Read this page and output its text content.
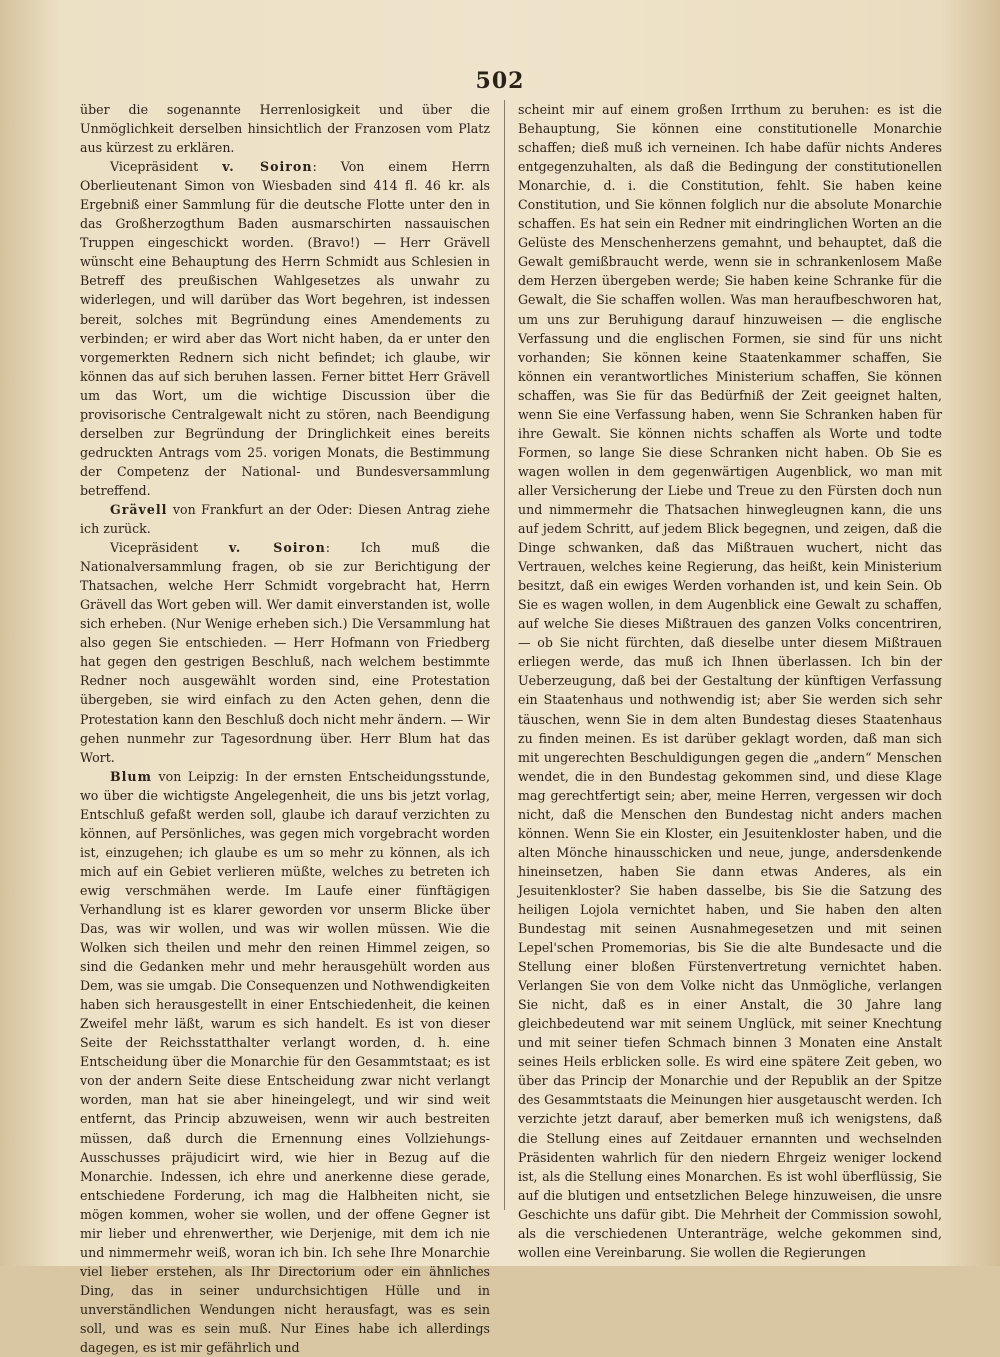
502

über die sogenannte Herrenlosigkeit und über die Unmöglichkeit derselben hinsichtlich der Franzosen vom Platz aus kürzest zu erklären.

Vicepräsident v. Soiron: Von einem Herrn Oberlieutenant Simon von Wiesbaden sind 414 fl. 46 kr. als Ergebniß einer Sammlung für die deutsche Flotte unter den in das Großherzogthum Baden ausmarschirten nassauischen Truppen eingeschickt worden. (Bravo!) — Herr Grävell wünscht eine Behauptung des Herrn Schmidt aus Schlesien in Betreff des preußischen Wahlgesetzes als unwahr zu widerlegen, und will darüber das Wort begehren, ist indessen bereit, solches mit Begründung eines Amendements zu verbinden; er wird aber das Wort nicht haben, da er unter den vorgemerkten Rednern sich nicht befindet; ich glaube, wir können das auf sich beruhen lassen. Ferner bittet Herr Grävell um das Wort, um die wichtige Discussion über die provisorische Centralgewalt nicht zu stören, nach Beendigung derselben zur Begründung der Dringlichkeit eines bereits gedruckten Antrags vom 25. vorigen Monats, die Bestimmung der Competenz der National- und Bundesversammlung betreffend.

Grävell von Frankfurt an der Oder: Diesen Antrag ziehe ich zurück.

Vicepräsident v. Soiron: Ich muß die Nationalversammlung fragen, ob sie zur Berichtigung der Thatsachen, welche Herr Schmidt vorgebracht hat, Herrn Grävell das Wort geben will. Wer damit einverstanden ist, wolle sich erheben. (Nur Wenige erheben sich.) Die Versammlung hat also gegen Sie entschieden. — Herr Hofmann von Friedberg hat gegen den gestrigen Beschluß, nach welchem bestimmte Redner noch ausgewählt worden sind, eine Protestation übergeben, sie wird einfach zu den Acten gehen, denn die Protestation kann den Beschluß doch nicht mehr ändern. — Wir gehen nunmehr zur Tagesordnung über. Herr Blum hat das Wort.

Blum von Leipzig: In der ernsten Entscheidungsstunde, wo über die wichtigste Angelegenheit, die uns bis jetzt vorlag, Entschluß gefaßt werden soll, glaube ich darauf verzichten zu können, auf Persönliches, was gegen mich vorgebracht worden ist, einzugehen; ich glaube es um so mehr zu können, als ich mich auf ein Gebiet verlieren müßte, welches zu betreten ich ewig verschmähen werde. Im Laufe einer fünftägigen Verhandlung ist es klarer geworden vor unserm Blicke über Das, was wir wollen, und was wir wollen müssen. Wie die Wolken sich theilen und mehr den reinen Himmel zeigen, so sind die Gedanken mehr und mehr herausgehült worden aus Dem, was sie umgab. Die Consequenzen und Nothwendigkeiten haben sich herausgestellt in einer Entschiedenheit, die keinen Zweifel mehr läßt, warum es sich handelt. Es ist von dieser Seite der Reichsstatthalter verlangt worden, d. h. eine Entscheidung über die Monarchie für den Gesammtstaat; es ist von der andern Seite diese Entscheidung zwar nicht verlangt worden, man hat sie aber hineingelegt, und wir sind weit entfernt, das Princip abzuweisen, wenn wir auch bestreiten müssen, daß durch die Ernennung eines Vollziehungs-Ausschusses präjudicirt wird, wie hier in Bezug auf die Monarchie. Indessen, ich ehre und anerkenne diese gerade, entschiedene Forderung, ich mag die Halbheiten nicht, sie mögen kommen, woher sie wollen, und der offene Gegner ist mir lieber und ehrenwerther, wie Derjenige, mit dem ich nie und nimmermehr weiß, woran ich bin. Ich sehe Ihre Monarchie viel lieber erstehen, als Ihr Directorium oder ein ähnliches Ding, das in seiner undurchsichtigen Hülle und in unverständlichen Wendungen nicht herausfagt, was es sein soll, und was es sein muß. Nur Eines habe ich allerdings dagegen, es ist mir gefährlich und

scheint mir auf einem großen Irrthum zu beruhen: es ist die Behauptung, Sie können eine constitutionelle Monarchie schaffen; dieß muß ich verneinen. Ich habe dafür nichts Anderes entgegenzuhalten, als daß die Bedingung der constitutionellen Monarchie, d. i. die Constitution, fehlt. Sie haben keine Constitution, und Sie können folglich nur die absolute Monarchie schaffen. Es hat sein ein Redner mit eindringlichen Worten an die Gelüste des Menschenherzens gemahnt, und behauptet, daß die Gewalt gemißbraucht werde, wenn sie in schrankenlosem Maße dem Herzen übergeben werde; Sie haben keine Schranke für die Gewalt, die Sie schaffen wollen. Was man heraufbeschworen hat, um uns zur Beruhigung darauf hinzuweisen — die englische Verfassung und die englischen Formen, sie sind für uns nicht vorhanden; Sie können keine Staatenkammer schaffen, Sie können ein verantwortliches Ministerium schaffen, Sie können schaffen, was Sie für das Bedürfniß der Zeit geeignet halten, wenn Sie eine Verfassung haben, wenn Sie Schranken haben für ihre Gewalt. Sie können nichts schaffen als Worte und todte Formen, so lange Sie diese Schranken nicht haben. Ob Sie es wagen wollen in dem gegenwärtigen Augenblick, wo man mit aller Versicherung der Liebe und Treue zu den Fürsten doch nun und nimmermehr die Thatsachen hinwegleugnen kann, die uns auf jedem Schritt, auf jedem Blick begegnen, und zeigen, daß die Dinge schwanken, daß das Mißtrauen wuchert, nicht das Vertrauen, welches keine Regierung, das heißt, kein Ministerium besitzt, daß ein ewiges Werden vorhanden ist, und kein Sein. Ob Sie es wagen wollen, in dem Augenblick eine Gewalt zu schaffen, auf welche Sie dieses Mißtrauen des ganzen Volks concentriren, — ob Sie nicht fürchten, daß dieselbe unter diesem Mißtrauen erliegen werde, das muß ich Ihnen überlassen. Ich bin der Ueberzeugung, daß bei der Gestaltung der künftigen Verfassung ein Staatenhaus und nothwendig ist; aber Sie werden sich sehr täuschen, wenn Sie in dem alten Bundestag dieses Staatenhaus zu finden meinen. Es ist darüber geklagt worden, daß man sich mit ungerechten Beschuldigungen gegen die „andern“ Menschen wendet, die in den Bundestag gekommen sind, und diese Klage mag gerechtfertigt sein; aber, meine Herren, vergessen wir doch nicht, daß die Menschen den Bundestag nicht anders machen können. Wenn Sie ein Kloster, ein Jesuitenkloster haben, und die alten Mönche hinausschicken und neue, junge, andersdenkende hineinsetzen, haben Sie dann etwas Anderes, als ein Jesuitenkloster? Sie haben dasselbe, bis Sie die Satzung des heiligen Lojola vernichtet haben, und Sie haben den alten Bundestag mit seinen Ausnahmegesetzen und mit seinen Lepel'schen Promemorias, bis Sie die alte Bundesacte und die Stellung einer bloßen Fürstenvertretung vernichtet haben. Verlangen Sie von dem Volke nicht das Unmögliche, verlangen Sie nicht, daß es in einer Anstalt, die 30 Jahre lang gleichbedeutend war mit seinem Unglück, mit seiner Knechtung und mit seiner tiefen Schmach binnen 3 Monaten eine Anstalt seines Heils erblicken solle. Es wird eine spätere Zeit geben, wo über das Princip der Monarchie und der Republik an der Spitze des Gesammtstaats die Meinungen hier ausgetauscht werden. Ich verzichte jetzt darauf, aber bemerken muß ich wenigstens, daß die Stellung eines auf Zeitdauer ernannten und wechselnden Präsidenten wahrlich für den niedern Ehrgeiz weniger lockend ist, als die Stellung eines Monarchen. Es ist wohl überflüssig, Sie auf die blutigen und entsetzlichen Belege hinzuweisen, die unsre Geschichte uns dafür gibt. Die Mehrheit der Commission sowohl, als die verschiedenen Unteranträge, welche gekommen sind, wollen eine Vereinbarung. Sie wollen die Regierungen
